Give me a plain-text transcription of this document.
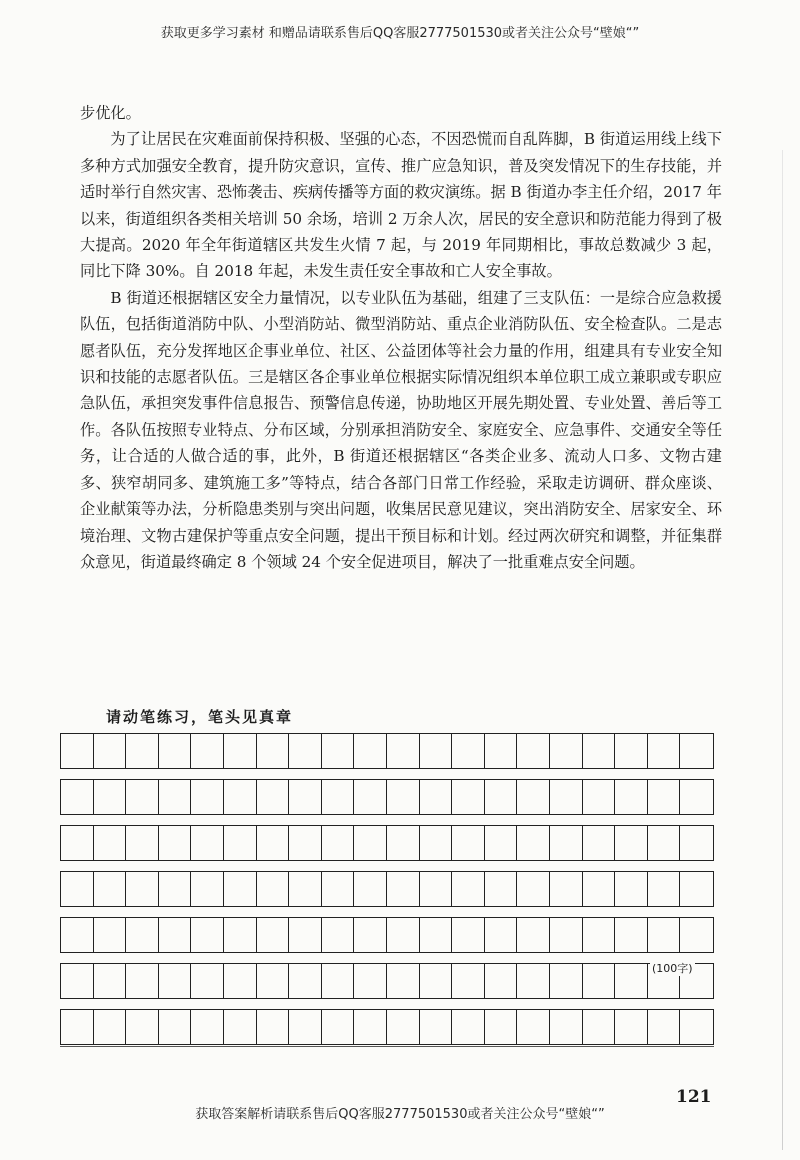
获取更多学习素材 和赠品请联系售后QQ客服2777501530或者关注公众号“壁娘“”

步优化。

为了让居民在灾难面前保持积极、坚强的心态，不因恐慌而自乱阵脚，B 街道运用线上线下多种方式加强安全教育，提升防灾意识，宣传、推广应急知识，普及突发情况下的生存技能，并适时举行自然灾害、恐怖袭击、疾病传播等方面的救灾演练。据 B 街道办李主任介绍，2017 年以来，街道组织各类相关培训 50 余场，培训 2 万余人次，居民的安全意识和防范能力得到了极大提高。2020 年全年街道辖区共发生火情 7 起，与 2019 年同期相比，事故总数减少 3 起，同比下降 30%。自 2018 年起，未发生责任安全事故和亡人安全事故。

B 街道还根据辖区安全力量情况，以专业队伍为基础，组建了三支队伍：一是综合应急救援队伍，包括街道消防中队、小型消防站、微型消防站、重点企业消防队伍、安全检查队。二是志愿者队伍，充分发挥地区企事业单位、社区、公益团体等社会力量的作用，组建具有专业安全知识和技能的志愿者队伍。三是辖区各企事业单位根据实际情况组织本单位职工成立兼职或专职应急队伍，承担突发事件信息报告、预警信息传递，协助地区开展先期处置、专业处置、善后等工作。各队伍按照专业特点、分布区域，分别承担消防安全、家庭安全、应急事件、交通安全等任务，让合适的人做合适的事，此外，B 街道还根据辖区“各类企业多、流动人口多、文物古建多、狭窄胡同多、建筑施工多”等特点，结合各部门日常工作经验，采取走访调研、群众座谈、企业献策等办法，分析隐患类别与突出问题，收集居民意见建议，突出消防安全、居家安全、环境治理、文物古建保护等重点安全问题，提出干预目标和计划。经过两次研究和调整，并征集群众意见，街道最终确定 8 个领域 24 个安全促进项目，解决了一批重难点安全问题。

请动笔练习，笔头见真章
(100字)
121
获取答案解析请联系售后QQ客服2777501530或者关注公众号“壁娘“”
